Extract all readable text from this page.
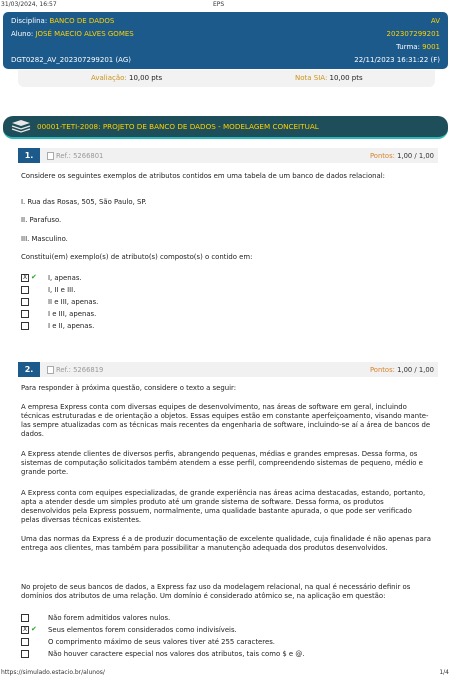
31/03/2024, 16:57	EPS
Disciplina: BANCO DE DADOS	AV
Aluno: JOSÉ MAECIO ALVES GOMES	202307299201
Turma: 9001
DGT0282_AV_202307299201 (AG)	22/11/2023 16:31:22 (F)
Avaliação: 10,00 pts	Nota SIA: 10,00 pts
00001-TETI-2008: PROJETO DE BANCO DE DADOS - MODELAGEM CONCEITUAL
1.	Ref.: 5266801	Pontos: 1,00 / 1,00
Considere os seguintes exemplos de atributos contidos em uma tabela de um banco de dados relacional:
I. Rua das Rosas, 505, São Paulo, SP.
II. Parafuso.
III. Masculino.
Constitui(em) exemplo(s) de atributo(s) composto(s) o contido em:
X ✔ I, apenas.
I, II e III.
II e III, apenas.
I e III, apenas.
I e II, apenas.
2.	Ref.: 5266819	Pontos: 1,00 / 1,00
Para responder à próxima questão, considere o texto a seguir:
A empresa Express conta com diversas equipes de desenvolvimento, nas áreas de software em geral, incluindo
técnicas estruturadas e de orientação a objetos. Essas equipes estão em constante aperfeiçoamento, visando mante-
las sempre atualizadas com as técnicas mais recentes da engenharia de software, incluindo-se aí a área de bancos de
dados.
A Express atende clientes de diversos perfis, abrangendo pequenas, médias e grandes empresas. Dessa forma, os
sistemas de computação solicitados também atendem a esse perfil, compreendendo sistemas de pequeno, médio e
grande porte.
A Express conta com equipes especializadas, de grande experiência nas áreas acima destacadas, estando, portanto,
apta a atender desde um simples produto até um grande sistema de software. Dessa forma, os produtos
desenvolvidos pela Express possuem, normalmente, uma qualidade bastante apurada, o que pode ser verificado
pelas diversas técnicas existentes.
Uma das normas da Express é a de produzir documentação de excelente qualidade, cuja finalidade é não apenas para
entrega aos clientes, mas também para possibilitar a manutenção adequada dos produtos desenvolvidos.
No projeto de seus bancos de dados, a Express faz uso da modelagem relacional, na qual é necessário definir os
domínios dos atributos de uma relação. Um domínio é considerado atômico se, na aplicação em questão:
Não forem admitidos valores nulos.
X ✔ Seus elementos forem considerados como indivisíveis.
O comprimento máximo de seus valores tiver até 255 caracteres.
Não houver caractere especial nos valores dos atributos, tais como $ e @.
https://simulado.estacio.br/alunos/	1/4
